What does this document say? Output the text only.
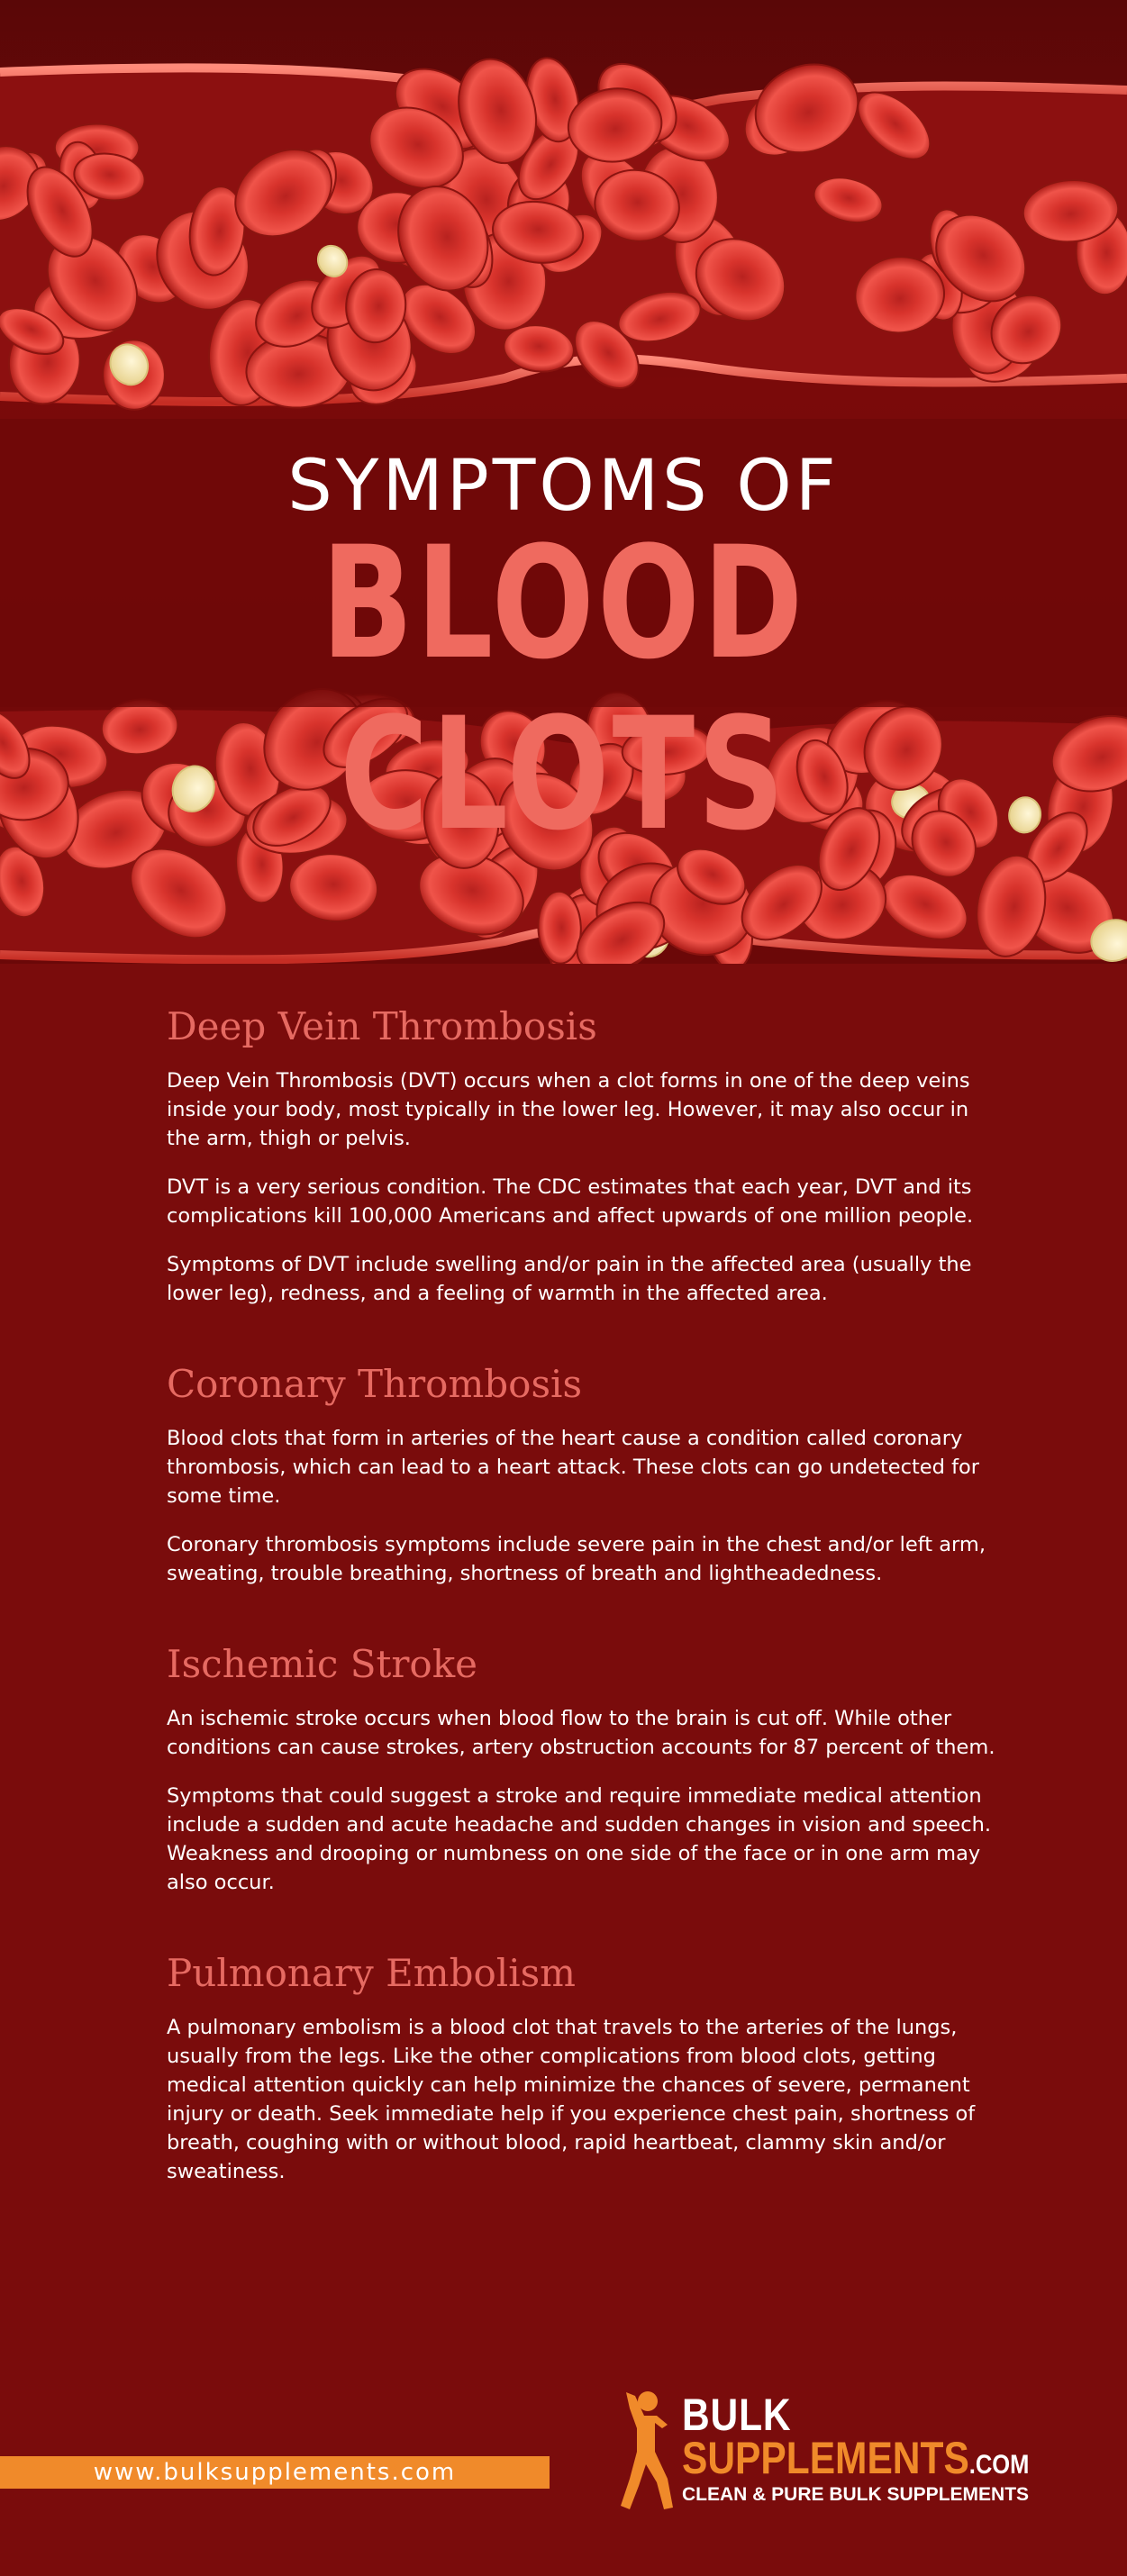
SYMPTOMS OF
BLOOD CLOTS
Deep Vein Thrombosis

Deep Vein Thrombosis (DVT) occurs when a clot forms in one of the deep veins inside your body, most typically in the lower leg. However, it may also occur in the arm, thigh or pelvis.

DVT is a very serious condition. The CDC estimates that each year, DVT and its complications kill 100,000 Americans and affect upwards of one million people.

Symptoms of DVT include swelling and/or pain in the affected area (usually the lower leg), redness, and a feeling of warmth in the affected area.

Coronary Thrombosis

Blood clots that form in arteries of the heart cause a condition called coronary thrombosis, which can lead to a heart attack. These clots can go undetected for some time.

Coronary thrombosis symptoms include severe pain in the chest and/or left arm, sweating, trouble breathing, shortness of breath and lightheadedness.

Ischemic Stroke

An ischemic stroke occurs when blood flow to the brain is cut off. While other conditions can cause strokes, artery obstruction accounts for 87 percent of them.

Symptoms that could suggest a stroke and require immediate medical attention include a sudden and acute headache and sudden changes in vision and speech. Weakness and drooping or numbness on one side of the face or in one arm may also occur.

Pulmonary Embolism

A pulmonary embolism is a blood clot that travels to the arteries of the lungs, usually from the legs. Like the other complications from blood clots, getting medical attention quickly can help minimize the chances of severe, permanent injury or death. Seek immediate help if you experience chest pain, shortness of breath, coughing with or without blood, rapid heartbeat, clammy skin and/or sweatiness.

www.bulksupplements.com
BULK
SUPPLEMENTS.COM
CLEAN & PURE BULK SUPPLEMENTS
